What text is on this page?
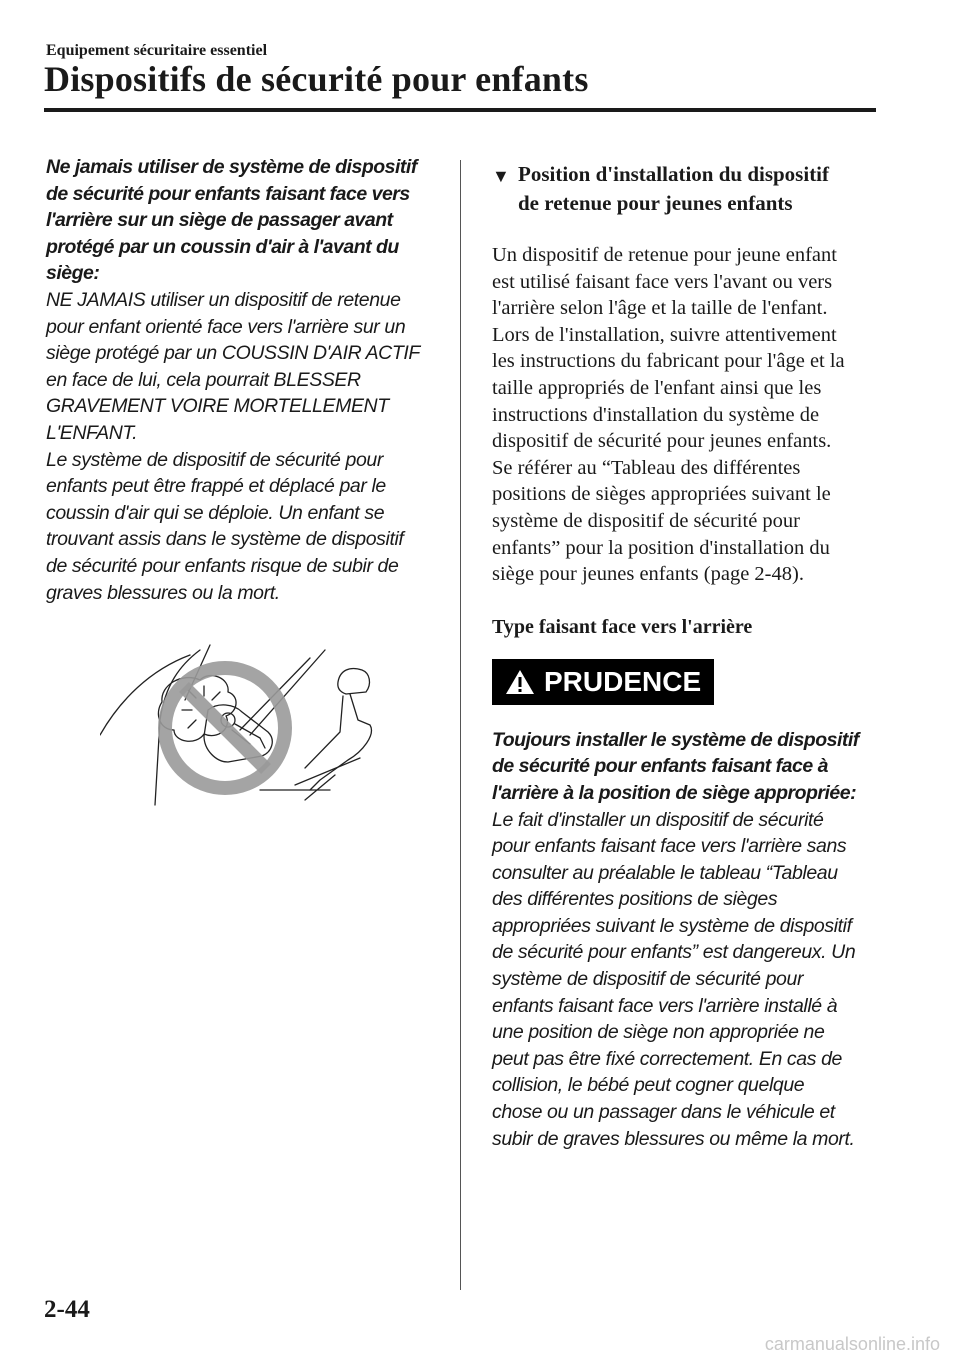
Equipement sécuritaire essentiel
Dispositifs de sécurité pour enfants

Ne jamais utiliser de système de dispositif

de sécurité pour enfants faisant face vers

l'arrière sur un siège de passager avant

protégé par un coussin d'air à l'avant du

siège:

NE JAMAIS utiliser un dispositif de retenue

pour enfant orienté face vers l'arrière sur un

siège protégé par un COUSSIN D'AIR ACTIF

en face de lui, cela pourrait BLESSER

GRAVEMENT VOIRE MORTELLEMENT

L'ENFANT.

Le système de dispositif de sécurité pour

enfants peut être frappé et déplacé par le

coussin d'air qui se déploie. Un enfant se

trouvant assis dans le système de dispositif

de sécurité pour enfants risque de subir de

graves blessures ou la mort.

▼ Position d'installation du dispositif
de retenue pour jeunes enfants
Un dispositif de retenue pour jeune enfant
est utilisé faisant face vers l'avant ou vers
l'arrière selon l'âge et la taille de l'enfant.
Lors de l'installation, suivre attentivement
les instructions du fabricant pour l'âge et la
taille appropriés de l'enfant ainsi que les
instructions d'installation du système de
dispositif de sécurité pour jeunes enfants.
Se référer au “Tableau des différentes
positions de sièges appropriées suivant le
système de dispositif de sécurité pour
enfants” pour la position d'installation du
siège pour jeunes enfants (page 2-48).
Type faisant face vers l'arrière
PRUDENCE

Toujours installer le système de dispositif

de sécurité pour enfants faisant face à

l'arrière à la position de siège appropriée:

Le fait d'installer un dispositif de sécurité

pour enfants faisant face vers l'arrière sans

consulter au préalable le tableau “Tableau

des différentes positions de sièges

appropriées suivant le système de dispositif

de sécurité pour enfants” est dangereux. Un

système de dispositif de sécurité pour

enfants faisant face vers l'arrière installé à

une position de siège non appropriée ne

peut pas être ﬁxé correctement. En cas de

collision, le bébé peut cogner quelque

chose ou un passager dans le véhicule et

subir de graves blessures ou même la mort.

2-44
carmanualsonline.info
